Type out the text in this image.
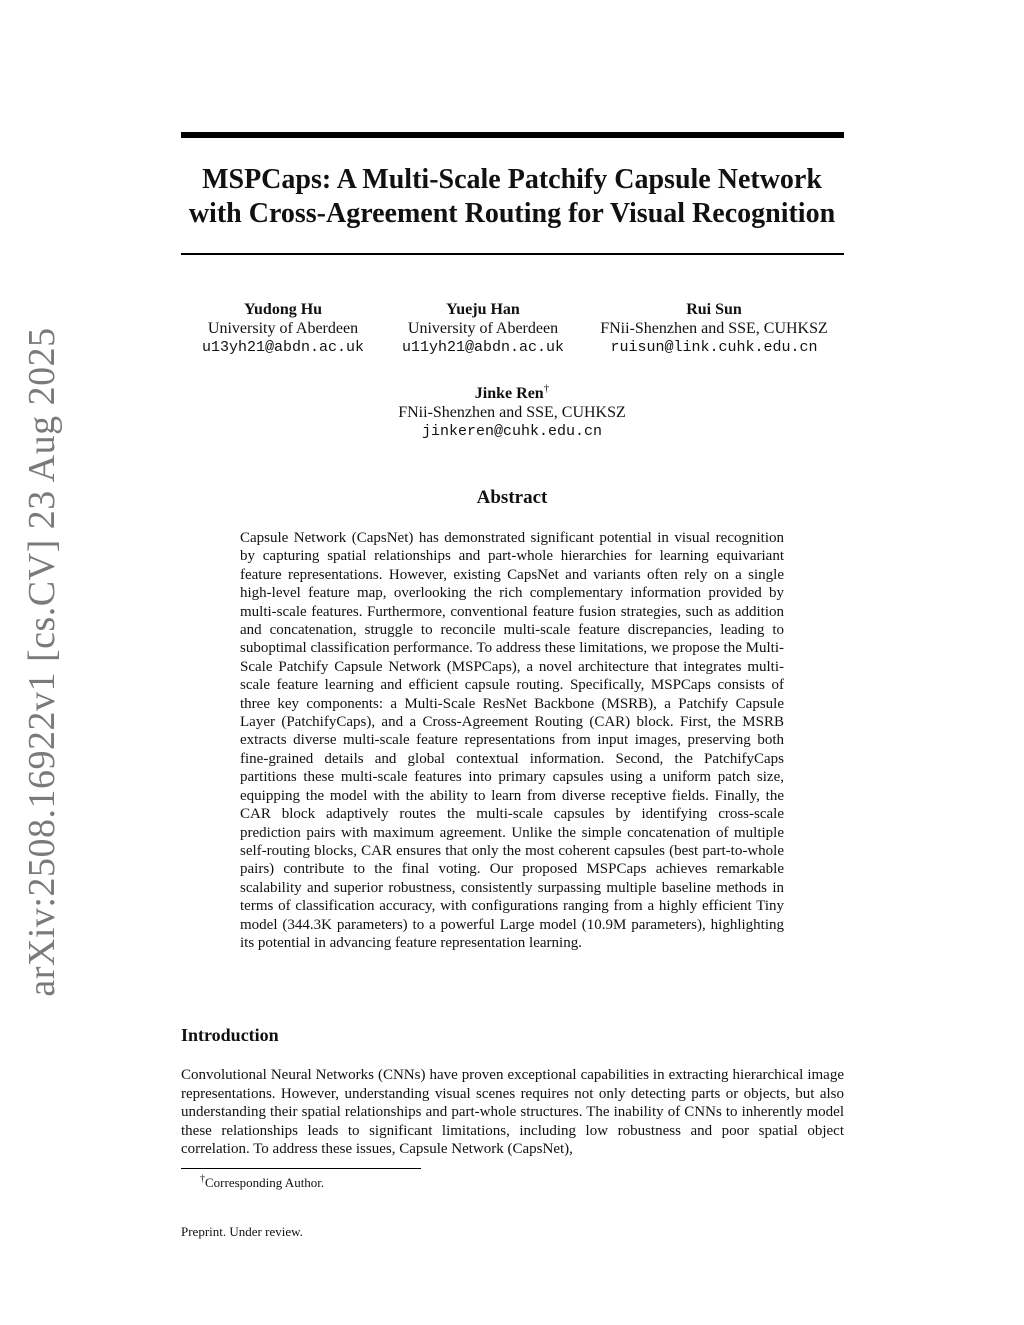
arXiv:2508.16922v1 [cs.CV] 23 Aug 2025
MSPCaps: A Multi-Scale Patchify Capsule Network
with Cross-Agreement Routing for Visual Recognition
Yudong Hu
University of Aberdeen
u13yh21@abdn.ac.uk
Yueju Han
University of Aberdeen
u11yh21@abdn.ac.uk
Rui Sun
FNii-Shenzhen and SSE, CUHKSZ
ruisun@link.cuhk.edu.cn
Jinke Ren†
FNii-Shenzhen and SSE, CUHKSZ
jinkeren@cuhk.edu.cn
Abstract
Capsule Network (CapsNet) has demonstrated significant potential in visual recognition by capturing spatial relationships and part-whole hierarchies for learning equivariant feature representations. However, existing CapsNet and variants often rely on a single high-level feature map, overlooking the rich complementary information provided by multi-scale features. Furthermore, conventional feature fusion strategies, such as addition and concatenation, struggle to reconcile multi-scale feature discrepancies, leading to suboptimal classification performance. To address these limitations, we propose the Multi-Scale Patchify Capsule Network (MSPCaps), a novel architecture that integrates multi-scale feature learning and efficient capsule routing. Specifically, MSPCaps consists of three key components: a Multi-Scale ResNet Backbone (MSRB), a Patchify Capsule Layer (PatchifyCaps), and a Cross-Agreement Routing (CAR) block. First, the MSRB extracts diverse multi-scale feature representations from input images, preserving both fine-grained details and global contextual information. Second, the PatchifyCaps partitions these multi-scale features into primary capsules using a uniform patch size, equipping the model with the ability to learn from diverse receptive fields. Finally, the CAR block adaptively routes the multi-scale capsules by identifying cross-scale prediction pairs with maximum agreement. Unlike the simple concatenation of multiple self-routing blocks, CAR ensures that only the most coherent capsules (best part-to-whole pairs) contribute to the final voting. Our proposed MSPCaps achieves remarkable scalability and superior robustness, consistently surpassing multiple baseline methods in terms of classification accuracy, with configurations ranging from a highly efficient Tiny model (344.3K parameters) to a powerful Large model (10.9M parameters), highlighting its potential in advancing feature representation learning.
Introduction
Convolutional Neural Networks (CNNs) have proven exceptional capabilities in extracting hierarchical image representations. However, understanding visual scenes requires not only detecting parts or objects, but also understanding their spatial relationships and part-whole structures. The inability of CNNs to inherently model these relationships leads to significant limitations, including low robustness and poor spatial object correlation. To address these issues, Capsule Network (CapsNet),
†Corresponding Author.
Preprint. Under review.
